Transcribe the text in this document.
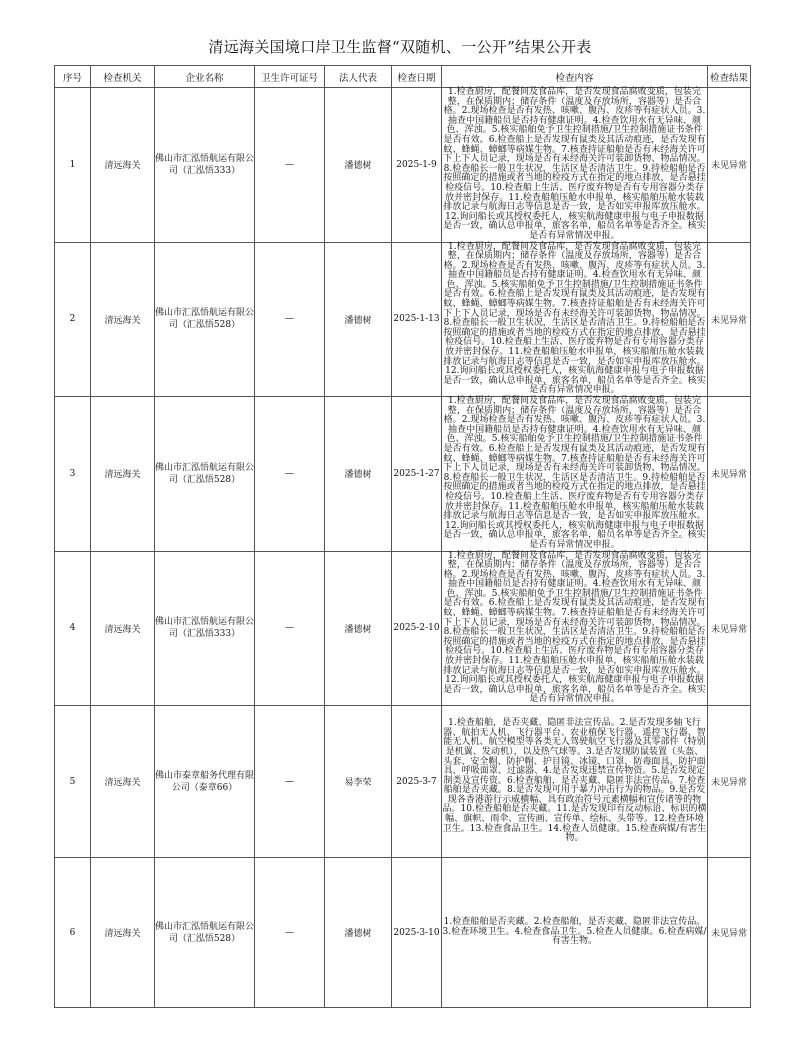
清远海关国境口岸卫生监督“双随机、一公开”结果公开表
序号	检查机关	企业名称	卫生许可证号	法人代表	检查日期	检查内容	检查结果
1	清远海关	佛山市汇泓悟航运有限公司（汇泓悟333）	—	潘德树	2025-1-9	1.检查厨房，配餐间及食品库，是否发现食品腐败变质，包装完整，在保质期内；储存条件（温度及存放场所，容器等）是否合格。2.现场检查是否有发热、咳嗽、腹泻、皮疹等有症状人员。3.抽查中国籍船员是否持有健康证明。4.检查饮用水有无异味、颜色、浑浊。5.核实船舶免予卫生控制措施/卫生控制措施证书条件是否有效。6.检查船上是否发现有鼠类及其活动痕迹，是否发现有蚊、蜂蝇、蟑螂等病媒生物。7.核查持证船舶是否有未经海关许可下上下人员记录，现场是否有未经海关许可装卸货物、物品情况。8.检查船长一般卫生状况，生活区是否清洁卫生。9.持检船舶是否按照确定的措施或者当地的检疫方式在指定的地点排放，是否悬挂检疫信号。10.检查船上生活、医疗废弃物是否有专用容器分类存放并密封保存。11.检查船舶压舱水申报单，核实船舶压舱水装载排放记录与航海日志等信息是否一致，是否如实申报库放压舱水。12.询问船长或其授权委托人，核实航海健康申报与电子申报数据是否一致，确认总申报单，旅客名单，船员名单等是否齐全。核实是否有异常情况申报。	未见异常
2	清远海关	佛山市汇泓悟航运有限公司（汇泓悟528）	—	潘德树	2025-1-13	1.检查厨房，配餐间及食品库，是否发现食品腐败变质，包装完整，在保质期内；储存条件（温度及存放场所，容器等）是否合格。2.现场检查是否有发热、咳嗽、腹泻、皮疹等有症状人员。3.抽查中国籍船员是否持有健康证明。4.检查饮用水有无异味、颜色、浑浊。5.核实船舶免予卫生控制措施/卫生控制措施证书条件是否有效。6.检查船上是否发现有鼠类及其活动痕迹，是否发现有蚊、蜂蝇、蟑螂等病媒生物。7.核查持证船舶是否有未经海关许可下上下人员记录，现场是否有未经海关许可装卸货物、物品情况。8.检查船长一般卫生状况，生活区是否清洁卫生。9.持检船舶是否按照确定的措施或者当地的检疫方式在指定的地点排放，是否悬挂检疫信号。10.检查船上生活、医疗废弃物是否有专用容器分类存放并密封保存。11.检查船舶压舱水申报单，核实船舶压舱水装载排放记录与航海日志等信息是否一致，是否如实申报库放压舱水。12.询问船长或其授权委托人，核实航海健康申报与电子申报数据是否一致，确认总申报单，旅客名单，船员名单等是否齐全。核实是否有异常情况申报。	未见异常
3	清远海关	佛山市汇泓悟航运有限公司（汇泓悟528）	—	潘德树	2025-1-27	1.检查厨房，配餐间及食品库，是否发现食品腐败变质，包装完整，在保质期内；储存条件（温度及存放场所，容器等）是否合格。2.现场检查是否有发热、咳嗽、腹泻、皮疹等有症状人员。3.抽查中国籍船员是否持有健康证明。4.检查饮用水有无异味、颜色、浑浊。5.核实船舶免予卫生控制措施/卫生控制措施证书条件是否有效。6.检查船上是否发现有鼠类及其活动痕迹，是否发现有蚊、蜂蝇、蟑螂等病媒生物。7.核查持证船舶是否有未经海关许可下上下人员记录，现场是否有未经海关许可装卸货物、物品情况。8.检查船长一般卫生状况，生活区是否清洁卫生。9.持检船舶是否按照确定的措施或者当地的检疫方式在指定的地点排放，是否悬挂检疫信号。10.检查船上生活、医疗废弃物是否有专用容器分类存放并密封保存。11.检查船舶压舱水申报单，核实船舶压舱水装载排放记录与航海日志等信息是否一致，是否如实申报库放压舱水。12.询问船长或其授权委托人，核实航海健康申报与电子申报数据是否一致，确认总申报单，旅客名单，船员名单等是否齐全。核实是否有异常情况申报。	未见异常
4	清远海关	佛山市汇泓悟航运有限公司（汇泓悟333）	—	潘德树	2025-2-10	1.检查厨房，配餐间及食品库，是否发现食品腐败变质，包装完整，在保质期内；储存条件（温度及存放场所，容器等）是否合格。2.现场检查是否有发热、咳嗽、腹泻、皮疹等有症状人员。3.抽查中国籍船员是否持有健康证明。4.检查饮用水有无异味、颜色、浑浊。5.核实船舶免予卫生控制措施/卫生控制措施证书条件是否有效。6.检查船上是否发现有鼠类及其活动痕迹，是否发现有蚊、蜂蝇、蟑螂等病媒生物。7.核查持证船舶是否有未经海关许可下上下人员记录，现场是否有未经海关许可装卸货物、物品情况。8.检查船长一般卫生状况，生活区是否清洁卫生。9.持检船舶是否按照确定的措施或者当地的检疫方式在指定的地点排放，是否悬挂检疫信号。10.检查船上生活、医疗废弃物是否有专用容器分类存放并密封保存。11.检查船舶压舱水申报单，核实船舶压舱水装载排放记录与航海日志等信息是否一致，是否如实申报库放压舱水。12.询问船长或其授权委托人，核实航海健康申报与电子申报数据是否一致，确认总申报单，旅客名单，船员名单等是否齐全。核实是否有异常情况申报。	未见异常
5	清远海关	佛山市泰章船务代理有限公司（泰章66）	—	易李荣	2025-3-7	1.检查船舶，是否夹藏、隐匿非法宣传品。2.是否发现多轴飞行器、航拍无人机、飞行器平台、农业植保飞行器、遥控飞行器、智能无人机、航空模型等各类无人驾驶航空飞行器及其零部件（特别是机翼、发动机），以及热气球等。3.是否发现防鼠装置（头盔、头套、安全帽、防护帽、护目镜、冰镜、口罩、防毒面具、防护面具、呼吸面罩、过滤器、4.是否发现违禁宣传物资。5.是否发现定制类及宣传资。6.检查船舶，是否夹藏、隐匿非法宣传品。7.检查船舶是否夹藏。8.是否发现可用于暴力冲击行为的物品。9.是否发现各香港游行示威横幅、具有政治符号元素横幅和宣传诸等的物品。10.检查船舶是否夹藏。11.是否发现印有反动标语、标识的横幅、旗帜、雨伞、宣传画、宣传单、绘标、头带等。12.检查环境卫生。13.检查食品卫生。14.检查人员健康。15.检查病媒/有害生物。	未见异常
6	清远海关	佛山市汇泓悟航运有限公司（汇泓悟528）	—	潘德树	2025-3-10	1.检查船舶是否夹藏。2.检查船舶，是否夹藏、隐匿非法宣传品。3.检查环境卫生。4.检查食品卫生。5.检查人员健康。6.检查病媒/有害生物。	未见异常
